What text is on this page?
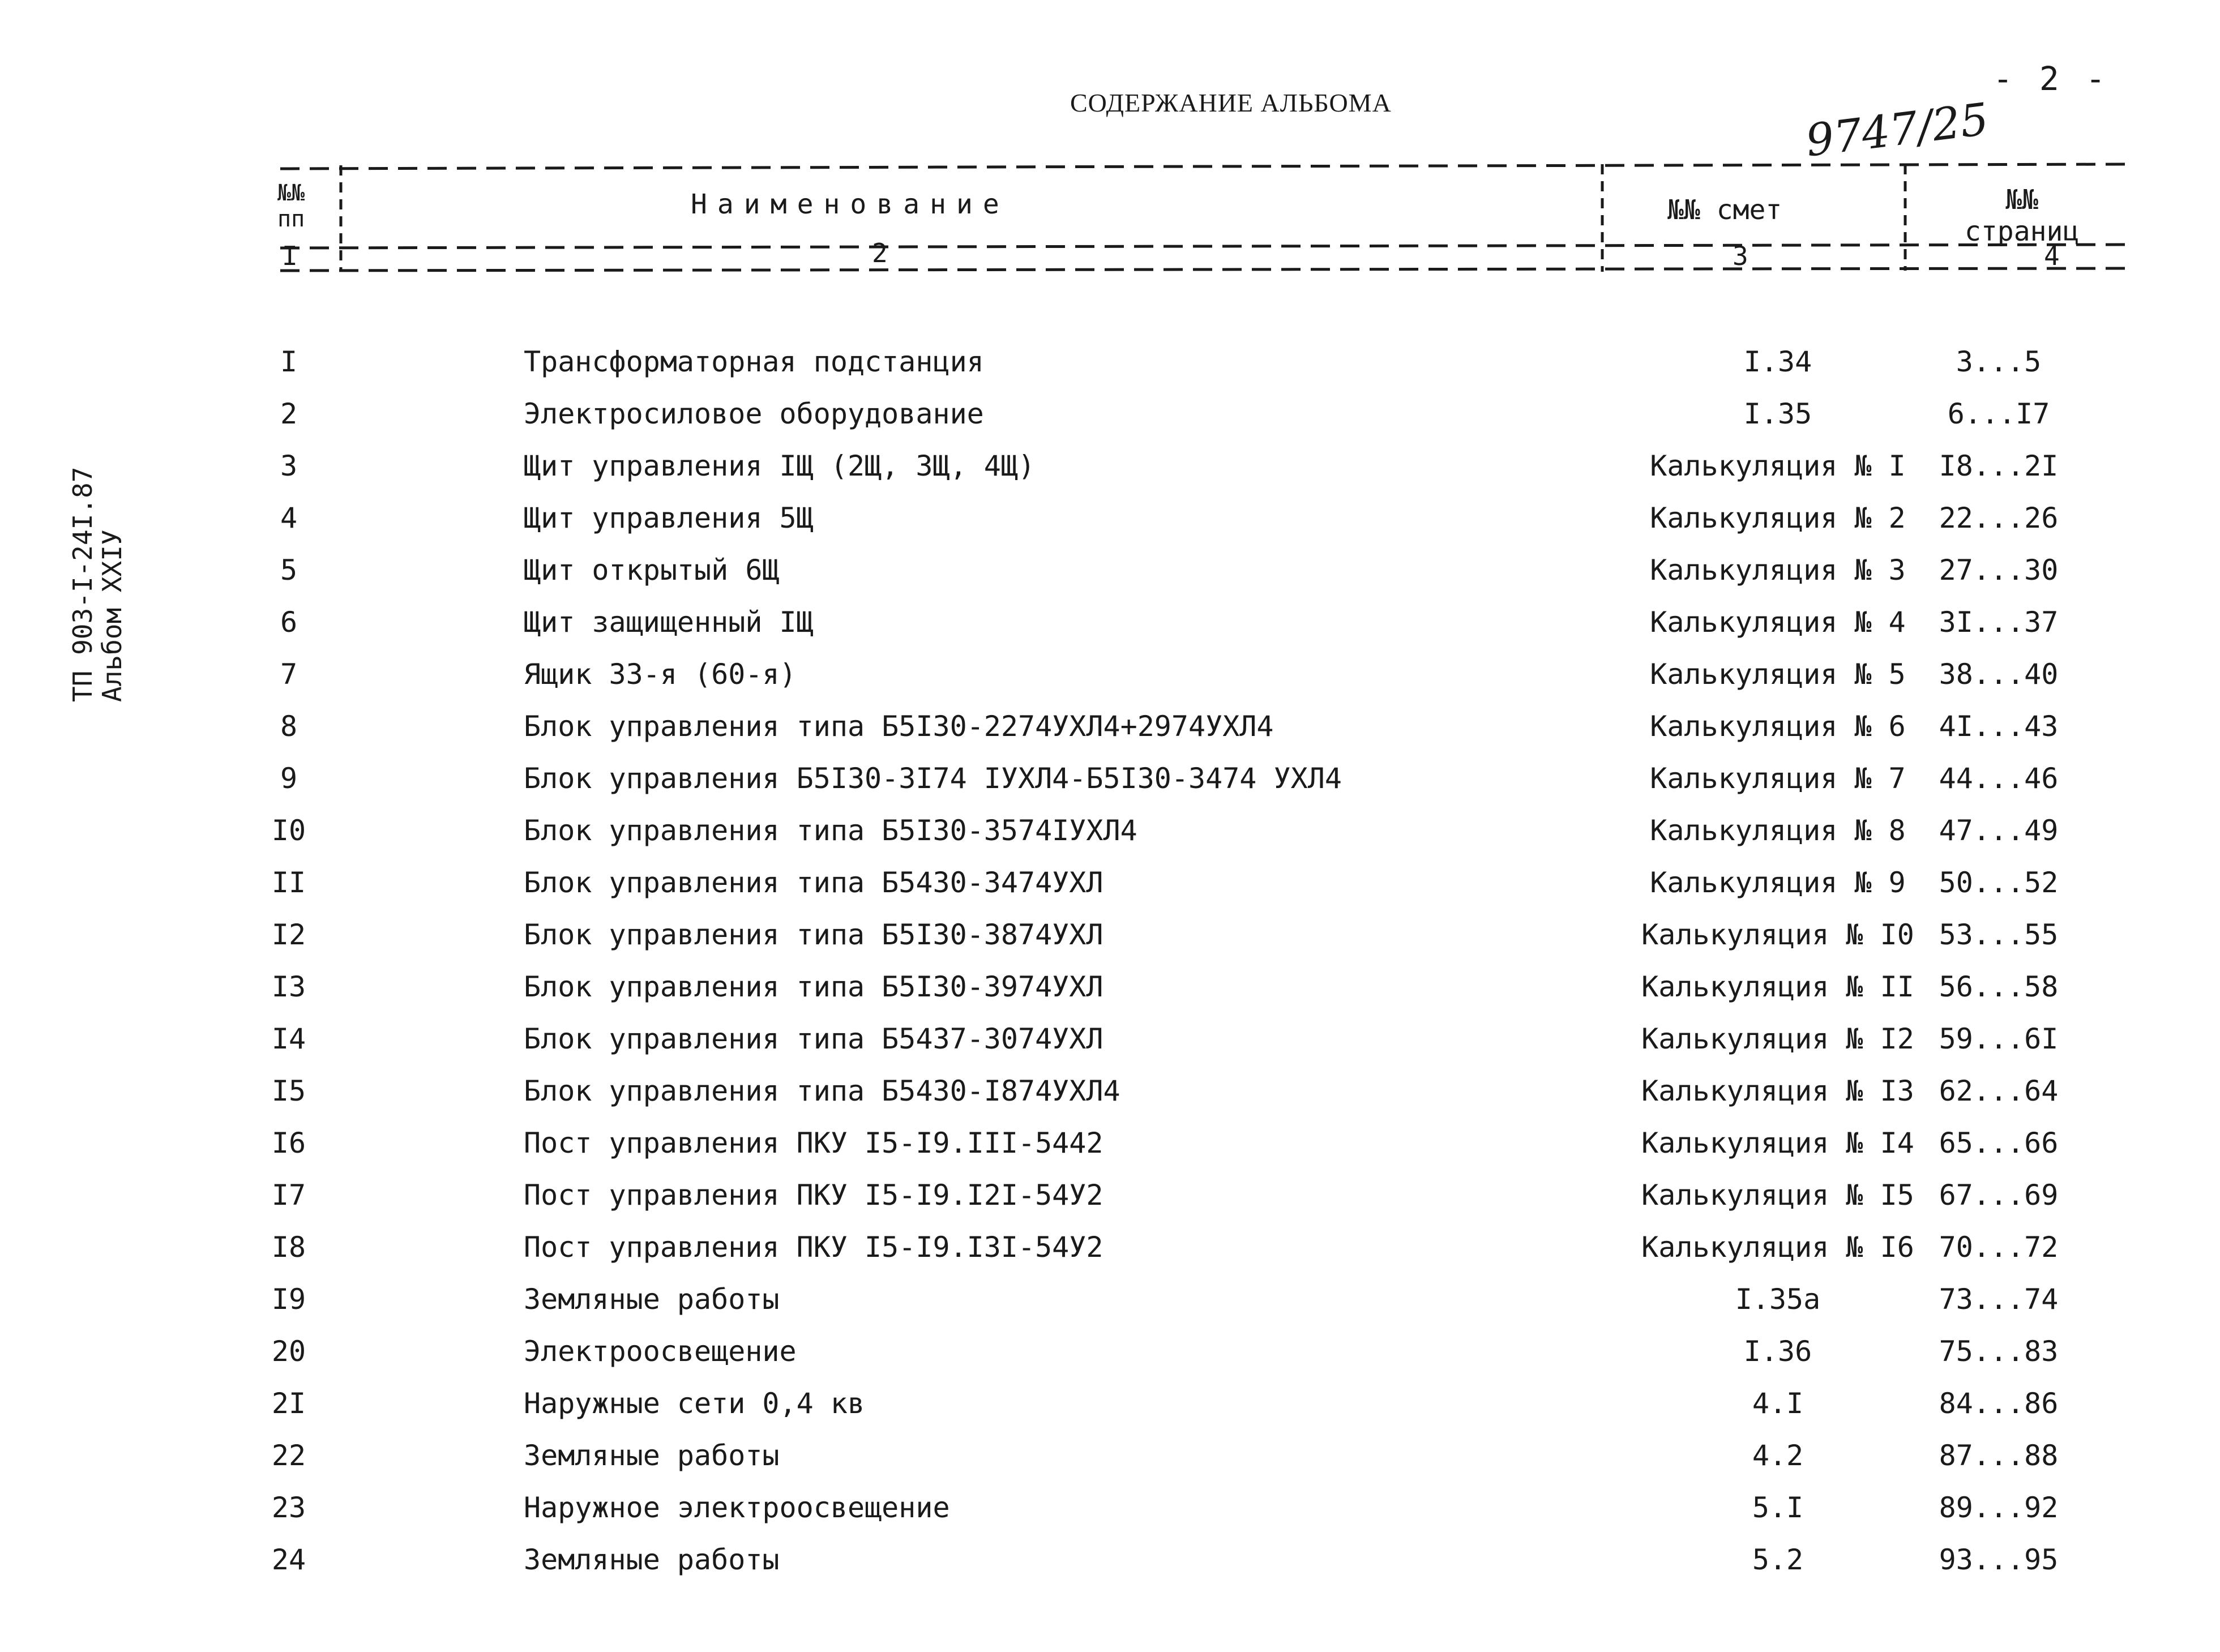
- 2 -
СОДЕРЖАНИЕ АЛЬБОМА	9747/25
ТП 903-I-24I.87
Альбом XXIУ
№№ пп	Наименование	№№ смет	№№
страниц
I	2	3	4
I	Трансформаторная подстанция	I.34	3...5
2	Электросиловое оборудование	I.35	6...I7
3	Щит управления IЩ (2Щ, 3Щ, 4Щ)	Калькуляция № I	I8...2I
4	Щит управления 5Щ	Калькуляция № 2	22...26
5	Щит открытый 6Щ	Калькуляция № 3	27...30
6	Щит защищенный IЩ	Калькуляция № 4	3I...37
7	Ящик 33-я (60-я)	Калькуляция № 5	38...40
8	Блок управления типа Б5I30-2274УХЛ4+2974УХЛ4	Калькуляция № 6	4I...43
9	Блок управления Б5I30-3I74 IУХЛ4-Б5I30-3474 УХЛ4	Калькуляция № 7	44...46
I0	Блок управления типа Б5I30-3574IУХЛ4	Калькуляция № 8	47...49
II	Блок управления типа Б5430-3474УХЛ	Калькуляция № 9	50...52
I2	Блок управления типа Б5I30-3874УХЛ	Калькуляция № I0 53...55
I3	Блок управления типа Б5I30-3974УХЛ	Калькуляция № II 56...58
I4	Блок управления типа Б5437-3074УХЛ	Калькуляция № I2 59...6I
I5	Блок управления типа Б5430-I874УХЛ4	Калькуляция № I3 62...64
I6	Пост управления ПКУ I5-I9.III-5442	Калькуляция № I4 65...66
I7	Пост управления ПКУ I5-I9.I2I-54У2	Калькуляция № I5 67...69
I8	Пост управления ПКУ I5-I9.I3I-54У2	Калькуляция № I6 70...72
I9	Земляные работы	I.35а	73...74
20	Электроосвещение	I.36	75...83
2I	Наружные сети 0,4 кв	4.I	84...86
22	Земляные работы	4.2	87...88
23	Наружное электроосвещение	5.I	89...92
24	Земляные работы	5.2	93...95
